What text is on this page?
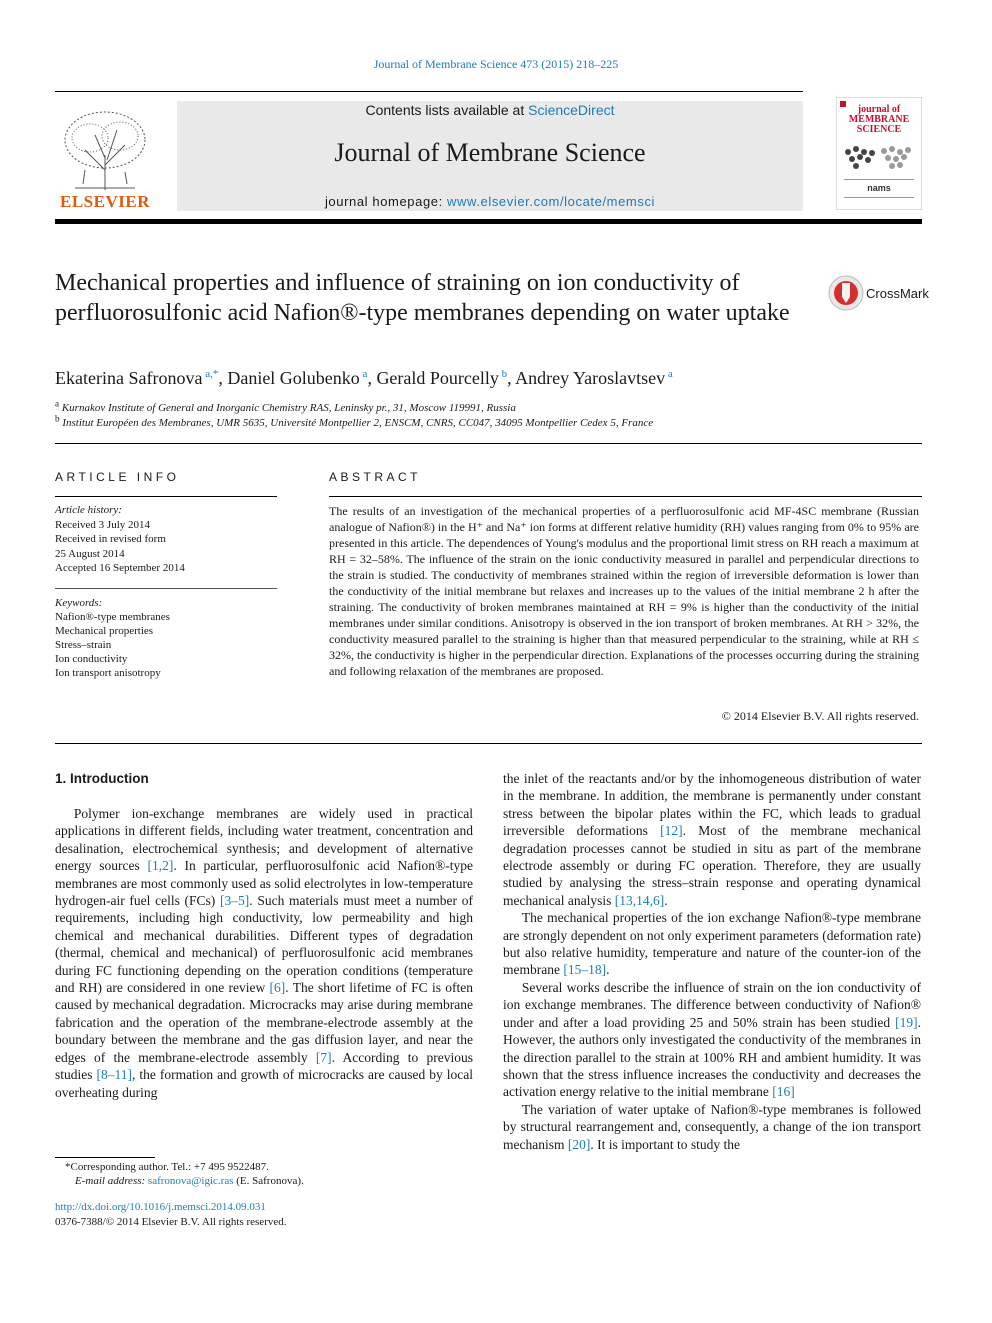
Journal of Membrane Science 473 (2015) 218–225
ELSEVIER
Contents lists available at ScienceDirect
Journal of Membrane Science
journal homepage: www.elsevier.com/locate/memsci
journal of
MEMBRANE
SCIENCE
nams
Mechanical properties and influence of straining on ion conductivity of perfluorosulfonic acid Nafion®-type membranes depending on water uptake
CrossMark
Ekaterina Safronova $^{a,*}$, Daniel Golubenko $^a$, Gerald Pourcelly $^b$, Andrey Yaroslavtsev $^a$
$^a$ Kurnakov Institute of General and Inorganic Chemistry RAS, Leninsky pr., 31, Moscow 119991, Russia
$^b$ Institut Européen des Membranes, UMR 5635, Université Montpellier 2, ENSCM, CNRS, CC047, 34095 Montpellier Cedex 5, France
ARTICLE INFO	ABSTRACT
Article history:
Received 3 July 2014
Received in revised form
25 August 2014
Accepted 16 September 2014
Keywords:
Nafion®-type membranes
Mechanical properties
Stress–strain
Ion conductivity
Ion transport anisotropy
The results of an investigation of the mechanical properties of a perfluorosulfonic acid MF-4SC membrane (Russian analogue of Nafion®) in the H⁺ and Na⁺ ion forms at different relative humidity (RH) values ranging from 0% to 95% are presented in this article. The dependences of Young's modulus and the proportional limit stress on RH reach a maximum at RH = 32–58%. The influence of the strain on the ionic conductivity measured in parallel and perpendicular directions to the strain is studied. The conductivity of membranes strained within the region of irreversible deformation is lower than the conductivity of the initial membrane but relaxes and increases up to the values of the initial membrane 2 h after the straining. The conductivity of broken membranes maintained at RH = 9% is higher than the conductivity of the initial membranes under similar conditions. Anisotropy is observed in the ion transport of broken membranes. At RH > 32%, the conductivity measured parallel to the straining is higher than that measured perpendicular to the straining, while at RH ≤ 32%, the conductivity is higher in the perpendicular direction. Explanations of the processes occurring during the straining and following relaxation of the membranes are proposed.
© 2014 Elsevier B.V. All rights reserved.
1. Introduction

Polymer ion-exchange membranes are widely used in practical applications in different fields, including water treatment, concentration and desalination, electrochemical synthesis; and development of alternative energy sources [1,2]. In particular, perfluorosulfonic acid Nafion®-type membranes are most commonly used as solid electrolytes in low-temperature hydrogen-air fuel cells (FCs) [3–5]. Such materials must meet a number of requirements, including high conductivity, low permeability and high chemical and mechanical durabilities. Different types of degradation (thermal, chemical and mechanical) of perfluorosulfonic acid membranes during FC functioning depending on the operation conditions (temperature and RH) are considered in one review [6]. The short lifetime of FC is often caused by mechanical degradation. Microcracks may arise during membrane fabrication and the operation of the membrane-electrode assembly at the boundary between the membrane and the gas diffusion layer, and near the edges of the membrane-electrode assembly [7]. According to previous studies [8–11], the formation and growth of microcracks are caused by local overheating during

the inlet of the reactants and/or by the inhomogeneous distribution of water in the membrane. In addition, the membrane is permanently under constant stress between the bipolar plates within the FC, which leads to gradual irreversible deformations [12]. Most of the membrane mechanical degradation processes cannot be studied in situ as part of the membrane electrode assembly or during FC operation. Therefore, they are usually studied by analysing the stress–strain response and operating dynamical mechanical analysis [13,14,6].

The mechanical properties of the ion exchange Nafion®-type membrane are strongly dependent on not only experiment parameters (deformation rate) but also relative humidity, temperature and nature of the counter-ion of the membrane [15–18].

Several works describe the influence of strain on the ion conductivity of ion exchange membranes. The difference between conductivity of Nafion® under and after a load providing 25 and 50% strain has been studied [19]. However, the authors only investigated the conductivity of the membranes in the direction parallel to the strain at 100% RH and ambient humidity. It was shown that the stress influence increases the conductivity and decreases the activation energy relative to the initial membrane [16]

The variation of water uptake of Nafion®-type membranes is followed by structural rearrangement and, consequently, a change of the ion transport mechanism [20]. It is important to study the

*Corresponding author. Tel.: +7 495 9522487.
E-mail address: safronova@igic.ras (E. Safronova).
http://dx.doi.org/10.1016/j.memsci.2014.09.031
0376-7388/© 2014 Elsevier B.V. All rights reserved.
